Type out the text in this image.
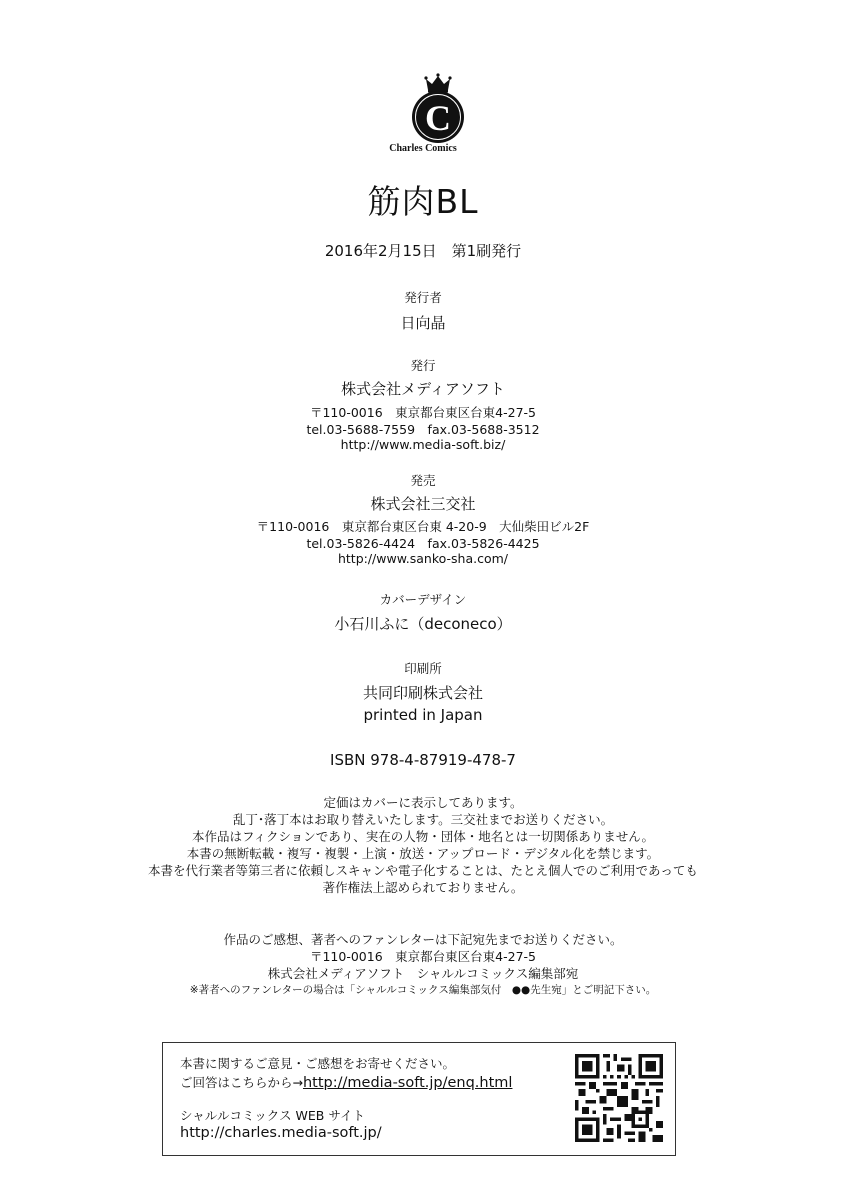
C
Charles Comics
筋肉BL
2016年2月15日　第1刷発行
発行者
日向晶
発行
株式会社メディアソフト
〒110-0016　東京都台東区台東4-27-5
tel.03-5688-7559　fax.03-5688-3512
http://www.media-soft.biz/
発売
株式会社三交社
〒110-0016　東京都台東区台東 4-20-9　大仙柴田ビル2F
tel.03-5826-4424　fax.03-5826-4425
http://www.sanko-sha.com/
カバーデザイン
小石川ふに（deconeco）
印刷所
共同印刷株式会社
printed in Japan
ISBN 978-4-87919-478-7
定価はカバーに表示してあります。
乱丁･落丁本はお取り替えいたします。三交社までお送りください。
本作品はフィクションであり、実在の人物・団体・地名とは一切関係ありません。
本書の無断転載・複写・複製・上演・放送・アップロード・デジタル化を禁じます。
本書を代行業者等第三者に依頼しスキャンや電子化することは、たとえ個人でのご利用であっても
著作権法上認められておりません。
作品のご感想、著者へのファンレターは下記宛先までお送りください。
〒110-0016　東京都台東区台東4-27-5
株式会社メディアソフト　シャルルコミックス編集部宛
※著者へのファンレターの場合は「シャルルコミックス編集部気付　●●先生宛」とご明記下さい。
本書に関するご意見・ご感想をお寄せください。
ご回答はこちらから→http://media-soft.jp/enq.html
シャルルコミックス WEB サイト
http://charles.media-soft.jp/
